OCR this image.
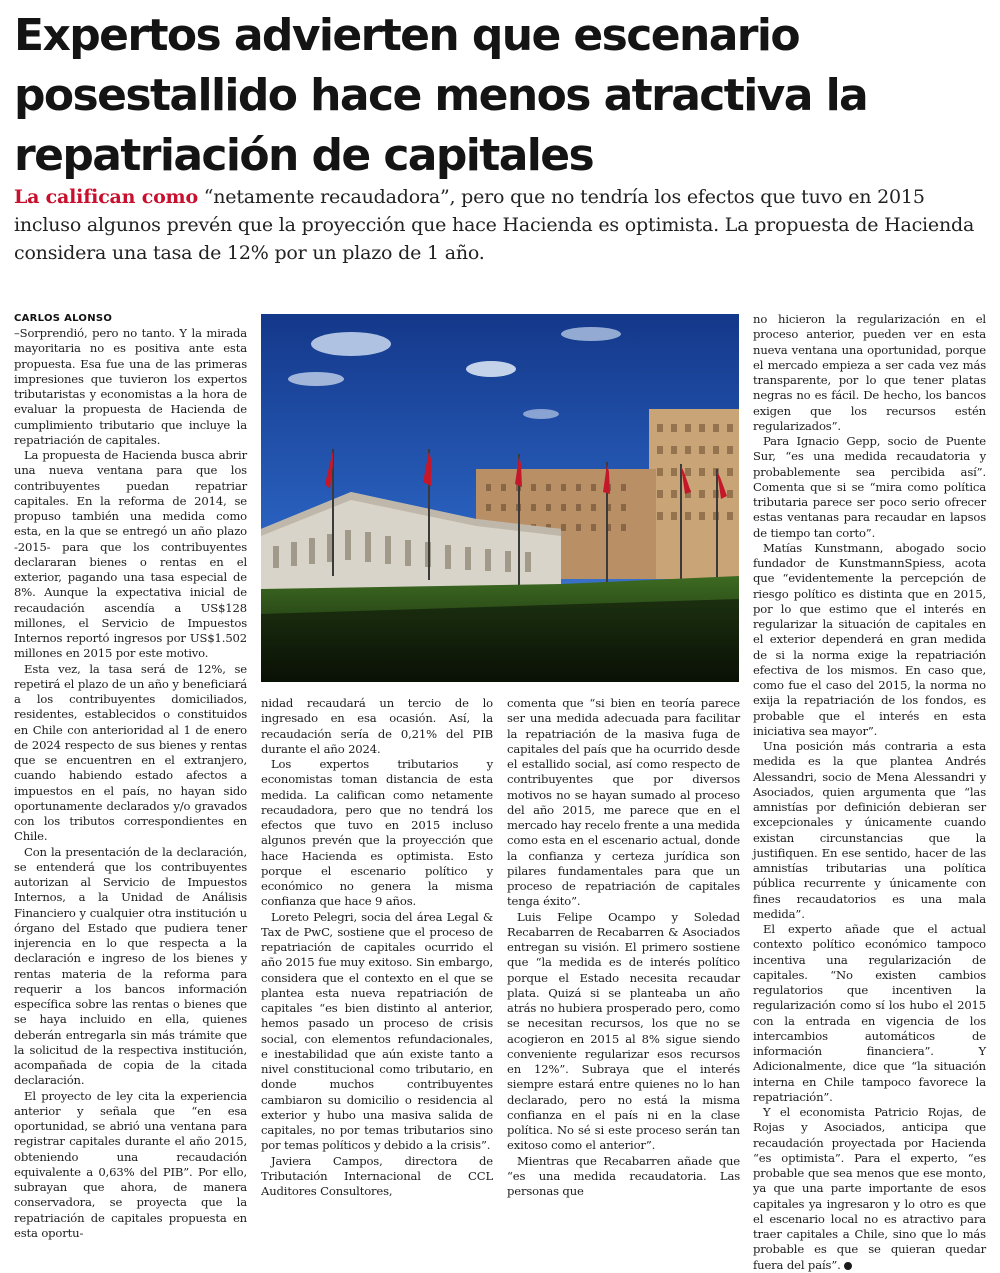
Expertos advierten que escenario
posestallido hace menos atractiva la
repatriación de capitales

La califican como “netamente recaudadora”, pero que no tendría los efectos que tuvo en 2015 incluso algunos prevén que la proyección que hace Hacienda es optimista. La propuesta de Hacienda considera una tasa de 12% por un plazo de 1 año.

CARLOS ALONSO

–Sorprendió, pero no tanto. Y la mirada mayoritaria no es positiva ante esta propuesta. Esa fue una de las primeras impresiones que tuvieron los expertos tributaristas y economistas a la hora de evaluar la propuesta de Hacienda de cumplimiento tributario que incluye la repatriación de capitales.

La propuesta de Hacienda busca abrir una nueva ventana para que los contribuyentes puedan repatriar capitales. En la reforma de 2014, se propuso también una medida como esta, en la que se entregó un año plazo -2015- para que los contribuyentes declararan bienes o rentas en el exterior, pagando una tasa especial de 8%. Aunque la expectativa inicial de recaudación ascendía a US$128 millones, el Servicio de Impuestos Internos reportó ingresos por US$1.502 millones en 2015 por este motivo.

Esta vez, la tasa será de 12%, se repetirá el plazo de un año y beneficiará a los contribuyentes domiciliados, residentes, establecidos o constituidos en Chile con anterioridad al 1 de enero de 2024 respecto de sus bienes y rentas que se encuentren en el extranjero, cuando habiendo estado afectos a impuestos en el país, no hayan sido oportunamente declarados y/o gravados con los tributos correspondientes en Chile.

Con la presentación de la declaración, se entenderá que los contribuyentes autorizan al Servicio de Impuestos Internos, a la Unidad de Análisis Financiero y cualquier otra institución u órgano del Estado que pudiera tener injerencia en lo que respecta a la declaración e ingreso de los bienes y rentas materia de la reforma para requerir a los bancos información específica sobre las rentas o bienes que se haya incluido en ella, quienes deberán entregarla sin más trámite que la solicitud de la respectiva institución, acompañada de copia de la citada declaración.

El proyecto de ley cita la experiencia anterior y señala que “en esa oportunidad, se abrió una ventana para registrar capitales durante el año 2015, obteniendo una recaudación equivalente a 0,63% del PIB”. Por ello, subrayan que ahora, de manera conservadora, se proyecta que la repatriación de capitales propuesta en esta oportu-

nidad recaudará un tercio de lo ingresado en esa ocasión. Así, la recaudación sería de 0,21% del PIB durante el año 2024.

Los expertos tributarios y economistas toman distancia de esta medida. La califican como netamente recaudadora, pero que no tendrá los efectos que tuvo en 2015 incluso algunos prevén que la proyección que hace Hacienda es optimista. Esto porque el escenario político y económico no genera la misma confianza que hace 9 años.

Loreto Pelegri, socia del área Legal & Tax de PwC, sostiene que el proceso de repatriación de capitales ocurrido el año 2015 fue muy exitoso. Sin embargo, considera que el contexto en el que se plantea esta nueva repatriación de capitales “es bien distinto al anterior, hemos pasado un proceso de crisis social, con elementos refundacionales, e inestabilidad que aún existe tanto a nivel constitucional como tributario, en donde muchos contribuyentes cambiaron su domicilio o residencia al exterior y hubo una masiva salida de capitales, no por temas tributarios sino por temas políticos y debido a la crisis”.

Javiera Campos, directora de Tributación Internacional de CCL Auditores Consultores,

comenta que “si bien en teoría parece ser una medida adecuada para facilitar la repatriación de la masiva fuga de capitales del país que ha ocurrido desde el estallido social, así como respecto de contribuyentes que por diversos motivos no se hayan sumado al proceso del año 2015, me parece que en el mercado hay recelo frente a una medida como esta en el escenario actual, donde la confianza y certeza jurídica son pilares fundamentales para que un proceso de repatriación de capitales tenga éxito”.

Luis Felipe Ocampo y Soledad Recabarren de Recabarren & Asociados entregan su visión. El primero sostiene que “la medida es de interés político porque el Estado necesita recaudar plata. Quizá si se planteaba un año atrás no hubiera prosperado pero, como se necesitan recursos, los que no se acogieron en 2015 al 8% sigue siendo conveniente regularizar esos recursos en 12%”. Subraya que el interés siempre estará entre quienes no lo han declarado, pero no está la misma confianza en el país ni en la clase política. No sé si este proceso serán tan exitoso como el anterior”.

Mientras que Recabarren añade que “es una medida recaudatoria. Las personas que

no hicieron la regularización en el proceso anterior, pueden ver en esta nueva ventana una oportunidad, porque el mercado empieza a ser cada vez más transparente, por lo que tener platas negras no es fácil. De hecho, los bancos exigen que los recursos estén regularizados”.

Para Ignacio Gepp, socio de Puente Sur, “es una medida recaudatoria y probablemente sea percibida así”. Comenta que si se “mira como política tributaria parece ser poco serio ofrecer estas ventanas para recaudar en lapsos de tiempo tan corto”.

Matías Kunstmann, abogado socio fundador de KunstmannSpiess, acota que “evidentemente la percepción de riesgo político es distinta que en 2015, por lo que estimo que el interés en regularizar la situación de capitales en el exterior dependerá en gran medida de si la norma exige la repatriación efectiva de los mismos. En caso que, como fue el caso del 2015, la norma no exija la repatriación de los fondos, es probable que el interés en esta iniciativa sea mayor”.

Una posición más contraria a esta medida es la que plantea Andrés Alessandri, socio de Mena Alessandri y Asociados, quien argumenta que “las amnistías por definición debieran ser excepcionales y únicamente cuando existan circunstancias que la justifiquen. En ese sentido, hacer de las amnistías tributarias una política pública recurrente y únicamente con fines recaudatorios es una mala medida”.

El experto añade que el actual contexto político económico tampoco incentiva una regularización de capitales. “No existen cambios regulatorios que incentiven la regularización como sí los hubo el 2015 con la entrada en vigencia de los intercambios automáticos de información financiera”. Y Adicionalmente, dice que “la situación interna en Chile tampoco favorece la repatriación”.

Y el economista Patricio Rojas, de Rojas y Asociados, anticipa que recaudación proyectada por Hacienda “es optimista”. Para el experto, “es probable que sea menos que ese monto, ya que una parte importante de esos capitales ya ingresaron y lo otro es que el escenario local no es atractivo para traer capitales a Chile, sino que lo más probable es que se quieran quedar fuera del país”.
